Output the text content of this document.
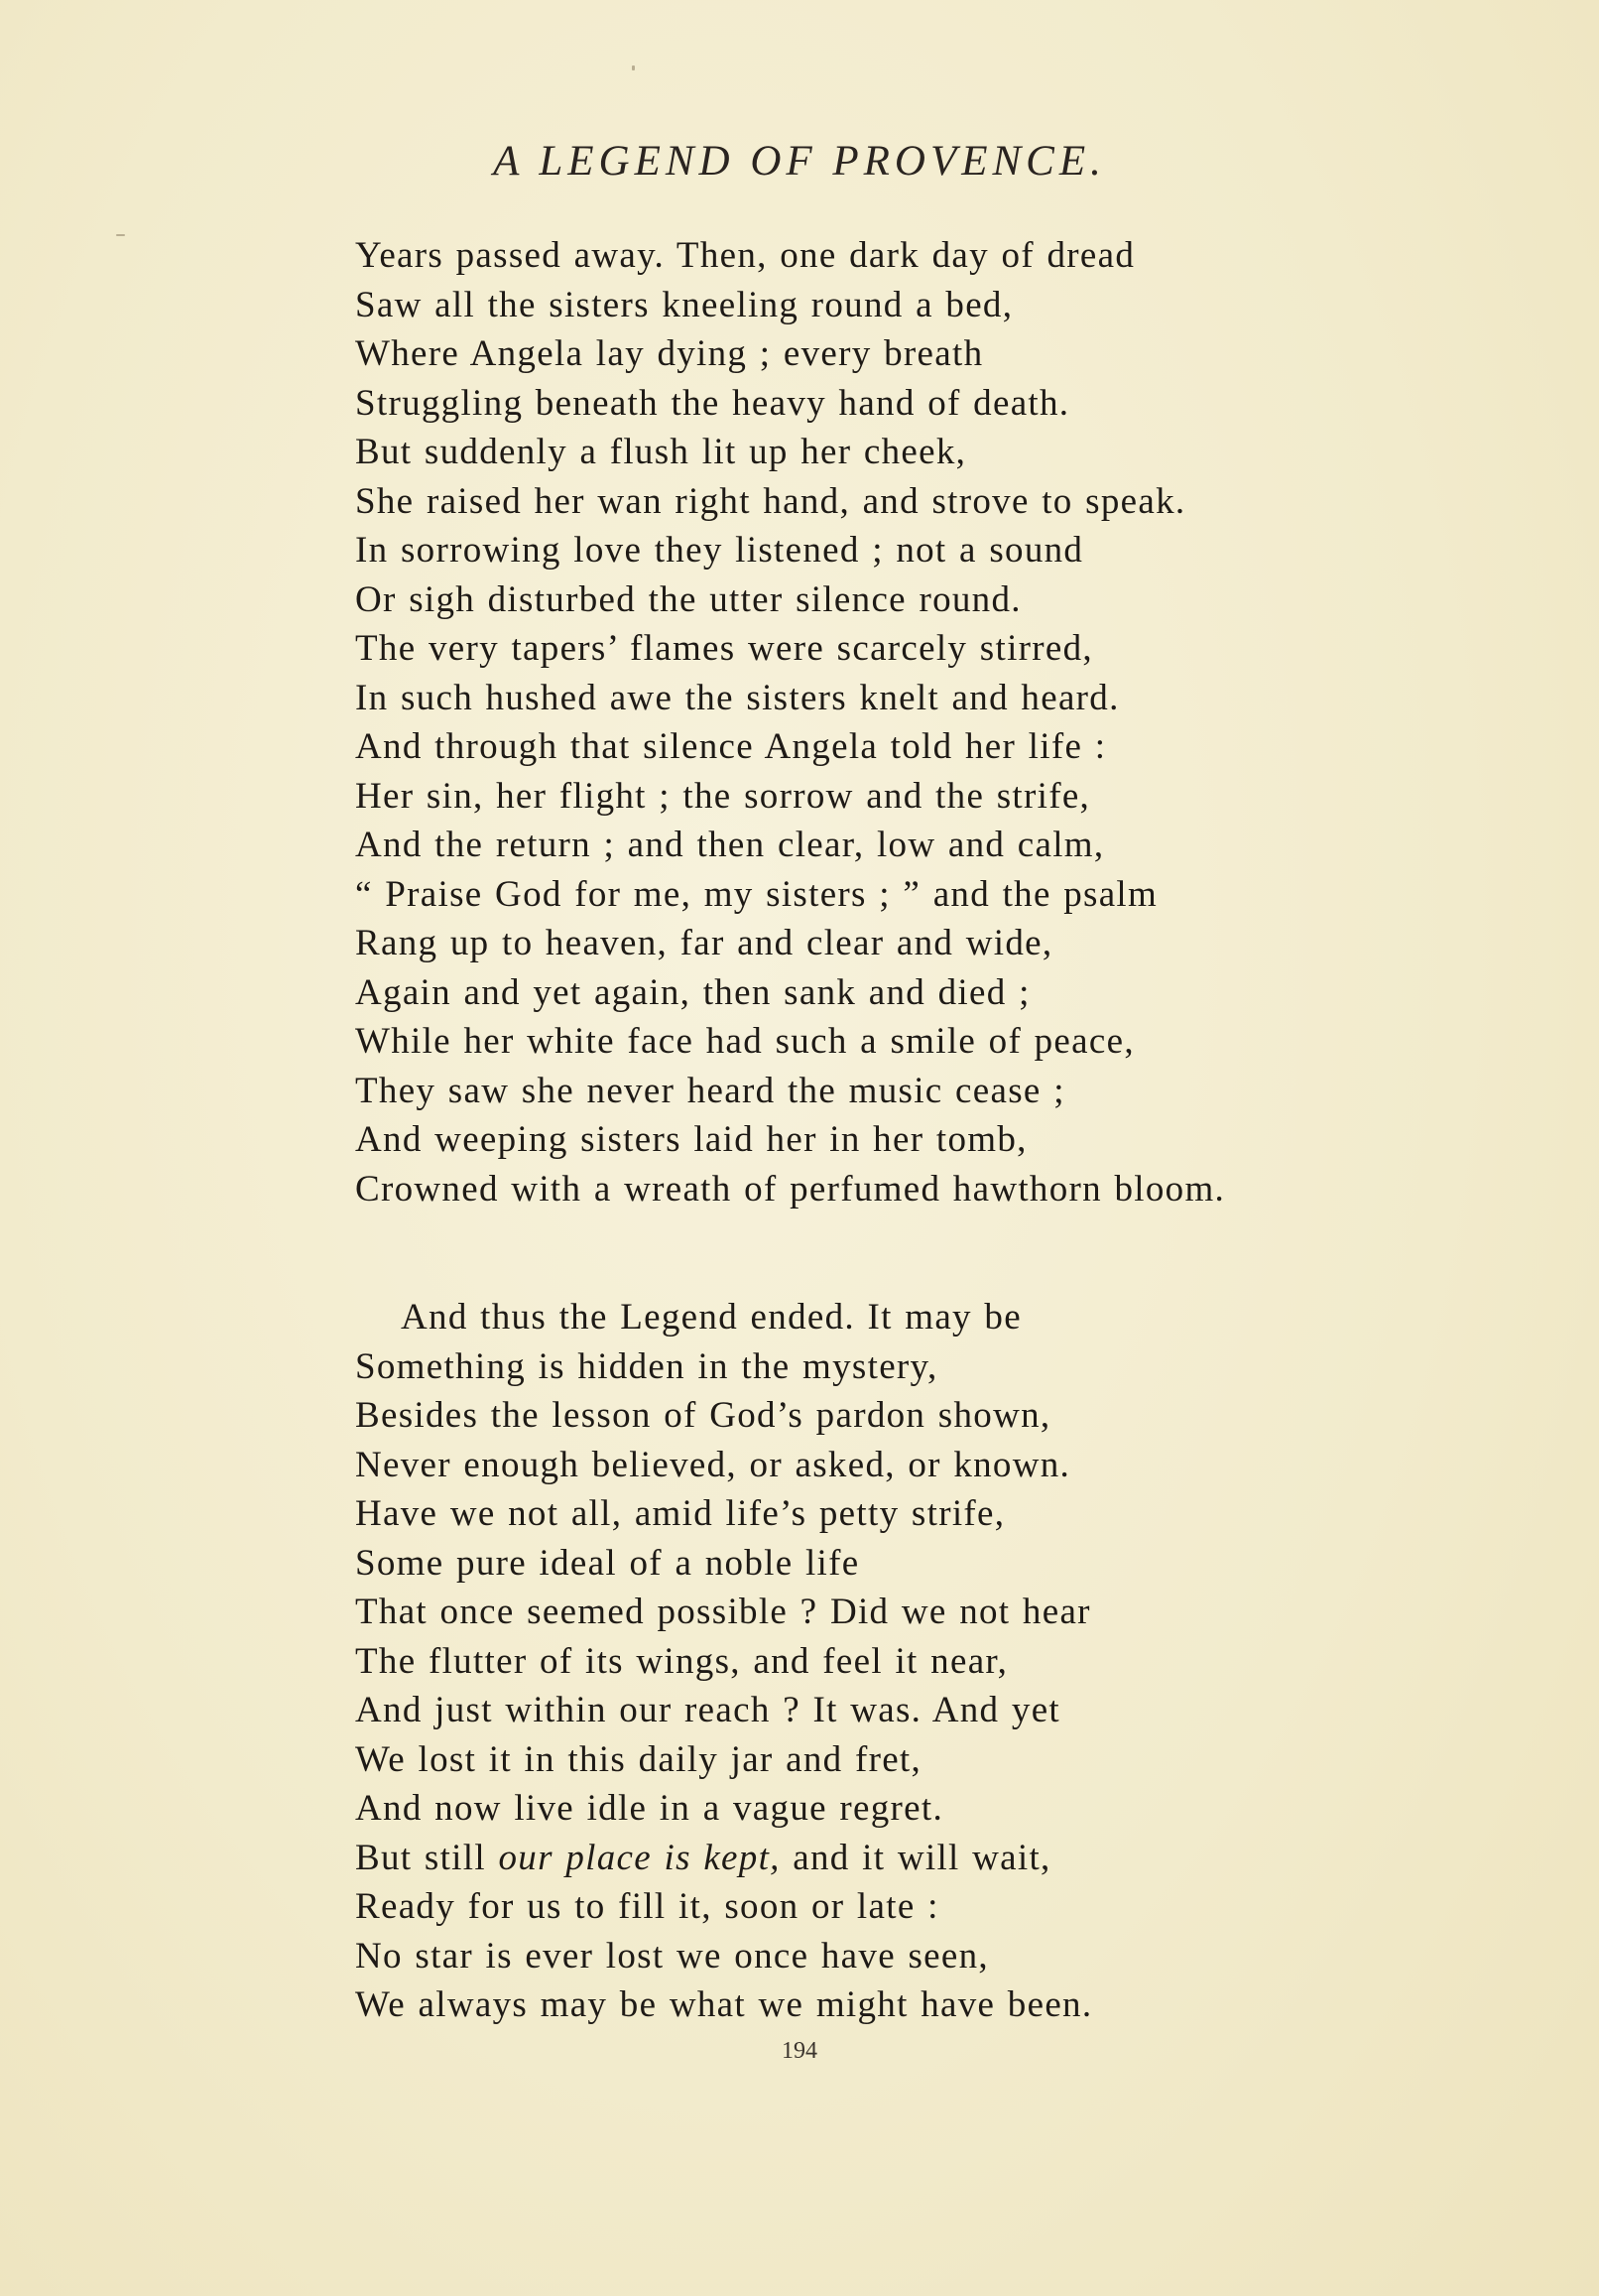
A LEGEND OF PROVENCE.
Years passed away. Then, one dark day of dread
Saw all the sisters kneeling round a bed,
Where Angela lay dying ; every breath
Struggling beneath the heavy hand of death.
But suddenly a flush lit up her cheek,
She raised her wan right hand, and strove to speak.
In sorrowing love they listened ; not a sound
Or sigh disturbed the utter silence round.
The very tapers’ flames were scarcely stirred,
In such hushed awe the sisters knelt and heard.
And through that silence Angela told her life :
Her sin, her flight ; the sorrow and the strife,
And the return ; and then clear, low and calm,
“ Praise God for me, my sisters ; ” and the psalm
Rang up to heaven, far and clear and wide,
Again and yet again, then sank and died ;
While her white face had such a smile of peace,
They saw she never heard the music cease ;
And weeping sisters laid her in her tomb,
Crowned with a wreath of perfumed hawthorn bloom.
And thus the Legend ended. It may be
Something is hidden in the mystery,
Besides the lesson of God’s pardon shown,
Never enough believed, or asked, or known.
Have we not all, amid life’s petty strife,
Some pure ideal of a noble life
That once seemed possible ? Did we not hear
The flutter of its wings, and feel it near,
And just within our reach ? It was. And yet
We lost it in this daily jar and fret,
And now live idle in a vague regret.
But still our place is kept, and it will wait,
Ready for us to fill it, soon or late :
No star is ever lost we once have seen,
We always may be what we might have been.
194
